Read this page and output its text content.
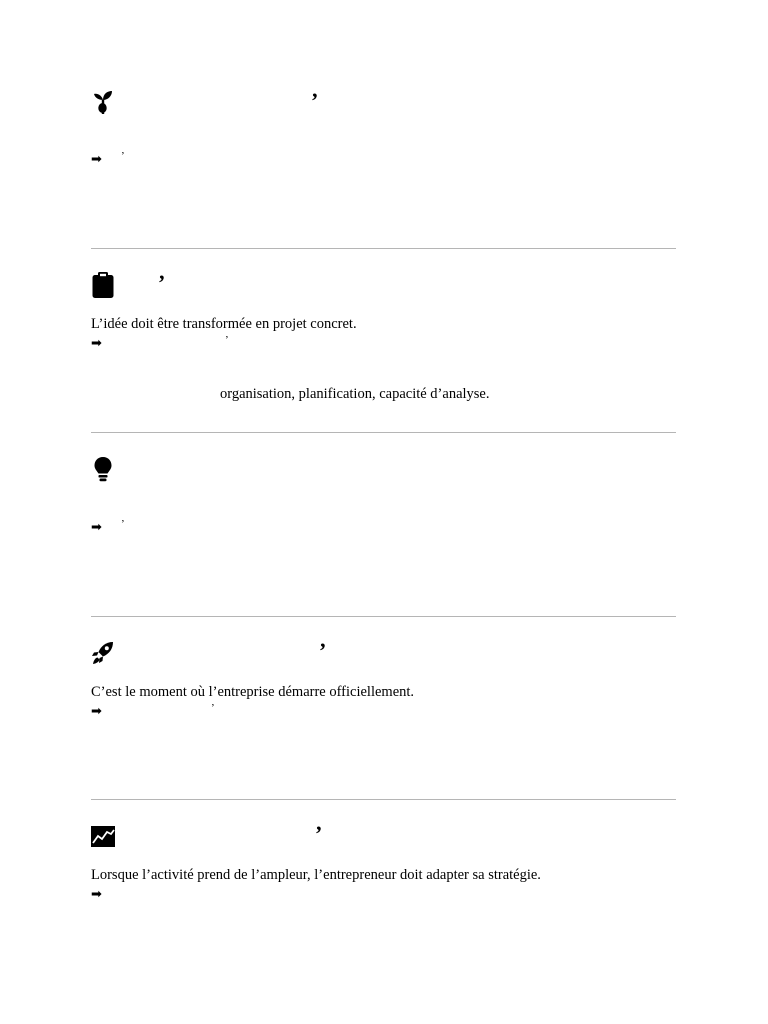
’
➡ ’
’
L’idée doit être transformée en projet concret.
➡	’
organisation, planification, capacité d’analyse.
➡ ’
’
C’est le moment où l’entreprise démarre officiellement.
➡	’
’
Lorsque l’activité prend de l’ampleur, l’entrepreneur doit adapter sa stratégie.
➡
